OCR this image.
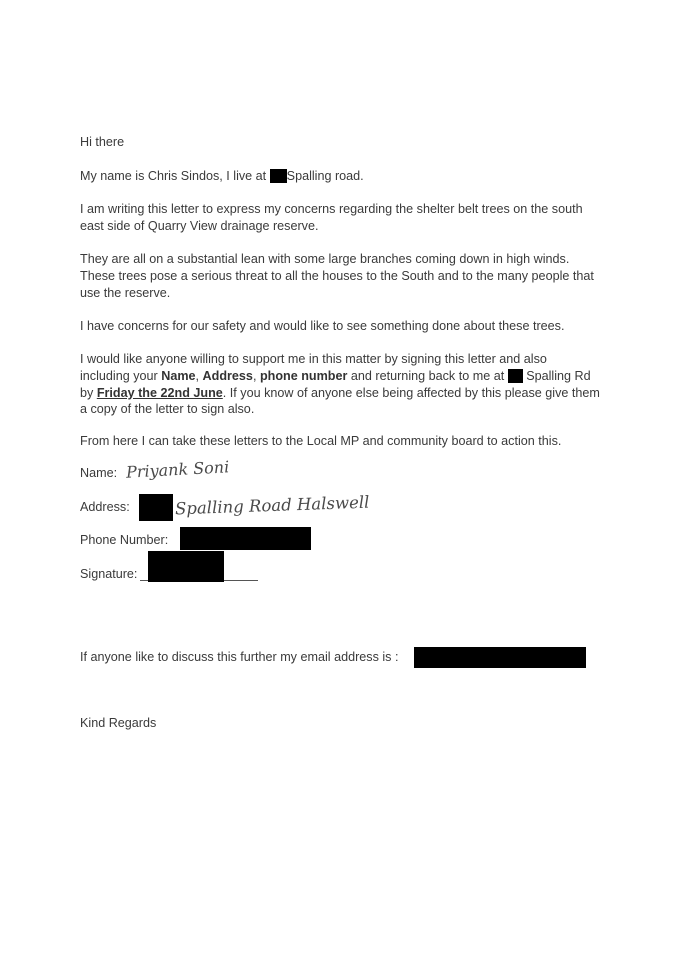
Hi there

My name is Chris Sindos, I live at Spalling road.

I am writing this letter to express my concerns regarding the shelter belt trees on the south east side of Quarry View drainage reserve.

They are all on a substantial lean with some large branches coming down in high winds. These trees pose a serious threat to all the houses to the South and to the many people that use the reserve.

I have concerns for our safety and would like to see something done about these trees.

I would like anyone willing to support me in this matter by signing this letter and also including your Name, Address, phone number and returning back to me at  Spalling Rd by Friday the 22nd June. If you know of anyone else being affected by this please give them a copy of the letter to sign also.

From here I can take these letters to the Local MP and community board to action this.

Name: Priyank Soni
Address:	Spalling Road Halswell
Phone Number:
Signature:
If anyone like to discuss this further my email address is :
Kind Regards
